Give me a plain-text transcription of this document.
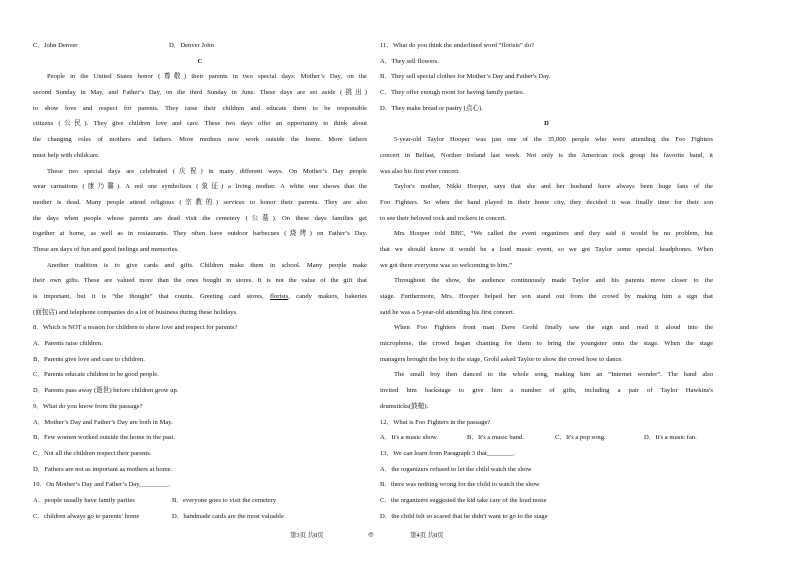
C．John Denver	D．Denver John
C
People in the United States honor (尊敬) their parents in two special days: Mother’s Day, on the
second Sunday in May, and Father’s Day, on the third Sunday in June. These days are set aside (挑出)
to show love and respect for parents. They raise their children and educate them to be responsible
citizens (公民). They give children love and care. These two days offer an opportunity to think about
the changing roles of mothers and fathers. More mothers now work outside the home. More fathers
must help with childcare.
These two special days are celebrated (庆祝) in many different ways. On Mother’s Day people
wear carnations (康乃馨). A red one symbolizes (象征) a living mother. A white one shows that the
mother is dead. Many people attend religious (宗教的) services to honor their parents. They are also
the days when people whose parents are dead visit the cemetery (公墓). On these days families get
together at home, as well as in restaurants. They often have outdoor barbecues (烧烤) on Father’s Day.
These are days of fun and good feelings and memories.
Another tradition is to give cards and gifts. Children make them in school. Many people make
their own gifts. These are valued more than the ones bought in stores. It is not the value of the gift that
is important, but it is “the thought” that counts. Greeting card stores, florists, candy makers, bakeries
(面包店) and telephone companies do a lot of business during these holidays.
8．Which is NOT a reason for children to show love and respect for parents?
A．Parents raise children.
B．Parents give love and care to children.
C．Parents educate children to be good people.
D．Parents pass away (逝世) before children grow up.
9．What do you know from the passage?
A．Mother’s Day and Father’s Day are both in May.
B．Few women worked outside the home in the past.
C．Not all the children respect their parents.
D．Fathers are not as important as mothers at home.
10．On Mother’s Day and Father’s Day, ________.
A．people usually have family parties	B．everyone goes to visit the cemetery
C．children always go to parents’ home	D．handmade cards are the most valuable
11．What do you think the underlined word “florists” do?
A．They sell flowers.
B．They sell special clothes for Mother’s Day and Father's Day.
C．They offer enough room for having family parties.
D．They make bread or pastry (点心).
D
5-year-old Taylor Hooper was just one of the 35,000 people who were attending the Foo Fighters
concert in Belfast, Norther Ireland last week. Not only is the American rock group his favorite band, it
was also his first ever concert.
Taylor's mother, Nikki Hooper, says that she and her husband have always been huge fans of the
Foo Fighters. So when the band played in their home city, they decided it was finally time for their son
to see their beloved rock and rockers in concert.
Mrs Hooper told BBC, “We called the event organizers and they said it would be no problem, but
that we should know it would be a loud music event, so we got Taylor some special headphones. When
we got there everyone was so welcoming to him.”
Throughout the show, the audience continuously made Taylor and his parents move closer to the
stage. Furthermore, Mrs. Hooper helped her son stand out from the crowd by making him a sign that
said he was a 5-year-old attending his first concert.
When Foo Fighters front man Dave Grohl finally saw the sign and read it aloud into the
microphone, the crowd began chanting for them to bring the youngster onto the stage. When the stage
managers brought the boy to the stage, Grohl asked Taylor to show the crowd how to dance.
The small boy then danced to the whole song, making him an “Internet wonder”. The band also
invited him backstage to give him a number of gifts, including a pair of Taylor Hawkins's
drumsticks(鼓槌).
12．What is Foo Fighters in the passage?
A．It's a music show.	B．It's a music band.	C．It's a pop song.	D．It's a music fan.
13．We can learn from Paragraph 3 that________.
A．the organizers refused to let the child watch the show
B．there was nothing wrong for the child to watch the show
C．the organizers suggested the kid take care of the loud noise
D．the child felt so scared that he didn't want to go to the stage
第3页 共8页	◎	第4页 共8页
